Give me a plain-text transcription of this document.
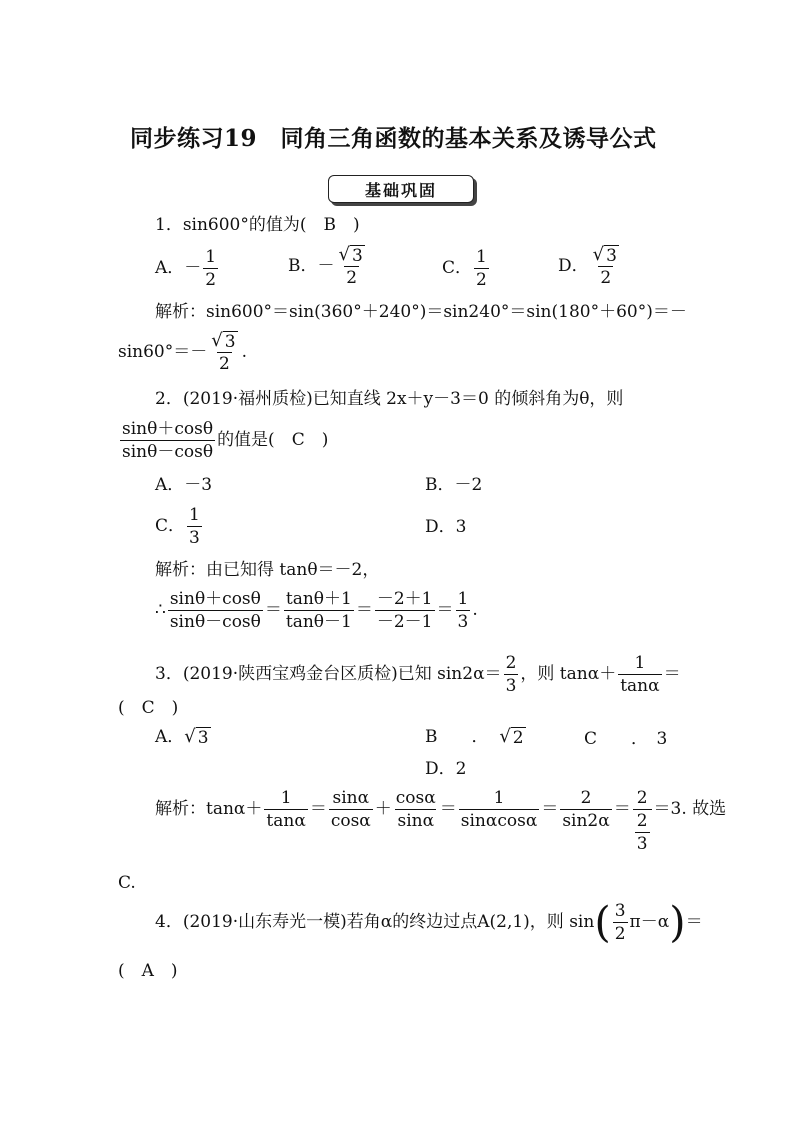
同步练习19　同角三角函数的基本关系及诱导公式
基础巩固
1．sin600°的值为(　B　)
A．－ $\frac{1}{2}$	B．－ $\frac{√ 3}{2}$	C． $\frac{1}{2}$	D． $\frac{√ 3}{2}$
解析：sin600°＝sin(360°＋240°)＝sin240°＝sin(180°＋60°)＝－
$\sin 60^\circ=- \frac{√ 3}{2}$ .
2．(2019·福州质检)已知直线 2x＋y－3＝0 的倾斜角为θ，则
$\frac{\sin\theta+\cos\theta}{\sin\theta-\cos\theta}$ 的值是(　C　)
A．－3	B．－2
C． $\frac{1}{3}$	D．3
解析：由已知得 tanθ＝－2，
∴ $\frac{\sin\theta+\cos\theta}{\sin\theta-\cos\theta} = \frac{\tan\theta+1}{\tan\theta-1} = \frac{-2+1}{-2-1} = \frac{1}{3}$ .
3．(2019·陕西宝鸡金台区质检)已知 $\sin 2\alpha= \frac{2}{3}$ ，则 $\tan\alpha+ \frac{1}{\tan\alpha}$ ＝
(　C　)
A． √ 3	B　　． √ 2	C　　．　3
D．2
解析：$\tan\alpha+ \frac{1}{\tan\alpha} = \frac{\sin\alpha}{\cos\alpha} + \frac{\cos\alpha}{\sin\alpha} = \frac{1}{\sin\alpha\cos\alpha} = \frac{2}{\sin 2\alpha} = 2$
2
3 ＝3. 故选
C.
4．(2019·山东寿光一模)若角α的终边过点A(2,1)，则 $\sin( \frac{3}{2} \pi-\alpha)=$
(　A　)
